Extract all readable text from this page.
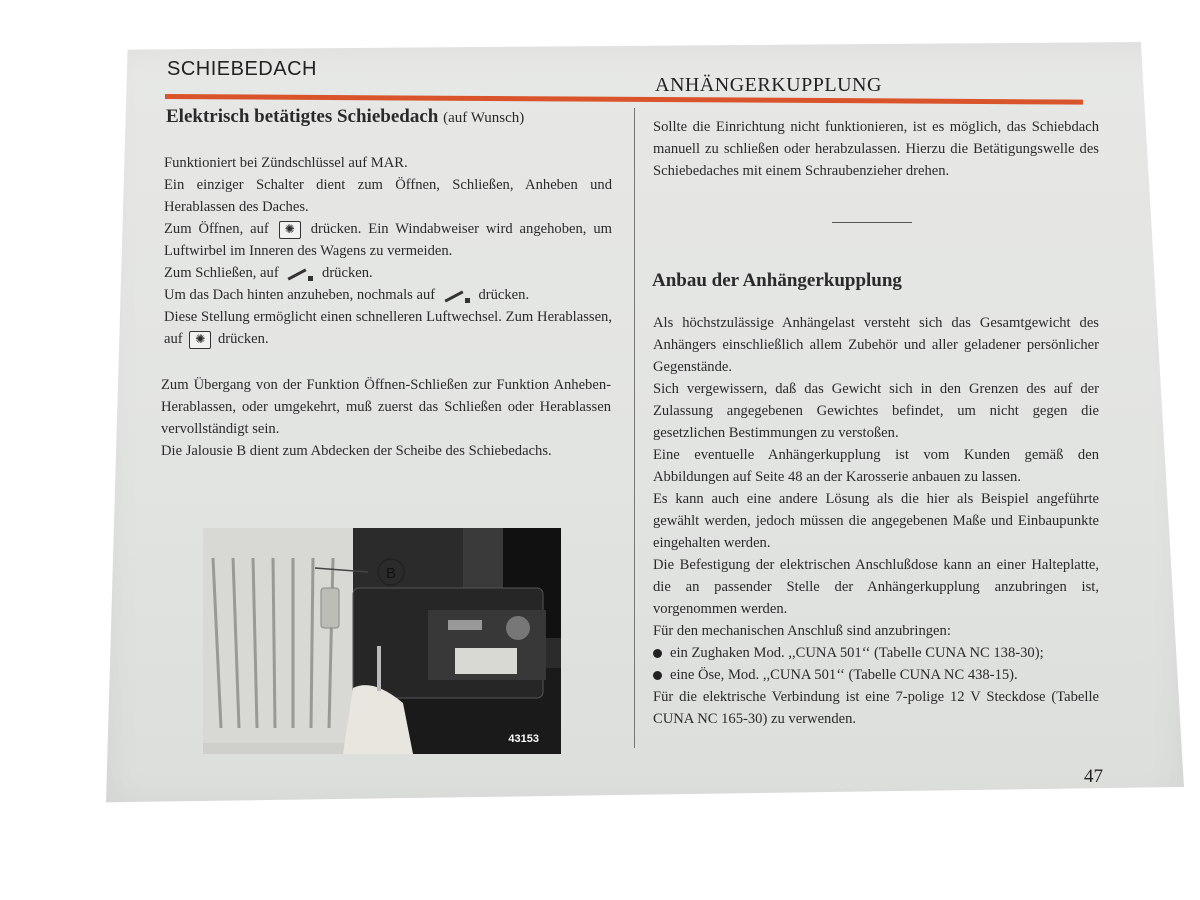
SCHIEBEDACH
ANHÄNGERKUPPLUNG
Elektrisch betätigtes Schiebedach (auf Wunsch)
Funktioniert bei Zündschlüssel auf MAR.
Ein einziger Schalter dient zum Öffnen, Schließen, Anheben und Herablassen des Daches.
Zum Öffnen, auf ✺ drücken. Ein Windabweiser wird angehoben, um Luftwirbel im Inneren des Wagens zu vermeiden.
Zum Schließen, auf	drücken.
Um das Dach hinten anzuheben, nochmals auf	drücken.
Diese Stellung ermöglicht einen schnelleren Luftwechsel. Zum Herablassen, auf ✺ drücken.
Zum Übergang von der Funktion Öffnen-Schließen zur Funktion Anheben-Herablassen, oder umgekehrt, muß zuerst das Schließen oder Herablassen vervollständigt sein.
Die Jalousie B dient zum Abdecken der Scheibe des Schiebedachs.
B
43153
Sollte die Einrichtung nicht funktionieren, ist es möglich, das Schiebdach manuell zu schließen oder herabzulassen. Hierzu die Betätigungswelle des Schiebedaches mit einem Schraubenzieher drehen.
Anbau der Anhängerkupplung
Als höchstzulässige Anhängelast versteht sich das Gesamtgewicht des Anhängers einschließlich allem Zubehör und aller geladener persönlicher Gegenstände.
Sich vergewissern, daß das Gewicht sich in den Grenzen des auf der Zulassung angegebenen Gewichtes befindet, um nicht gegen die gesetzlichen Bestimmungen zu verstoßen.
Eine eventuelle Anhängerkupplung ist vom Kunden gemäß den Abbildungen auf Seite 48 an der Karosserie anbauen zu lassen.
Es kann auch eine andere Lösung als die hier als Beispiel angeführte gewählt werden, jedoch müssen die angegebenen Maße und Einbaupunkte eingehalten werden.
Die Befestigung der elektrischen Anschlußdose kann an einer Halteplatte, die an passender Stelle der Anhängerkupplung anzubringen ist, vorgenommen werden.
Für den mechanischen Anschluß sind anzubringen:
ein Zughaken Mod. ,,CUNA 501‘‘ (Tabelle CUNA NC 138-30);
eine Öse, Mod. ,,CUNA 501‘‘ (Tabelle CUNA NC 438-15).
Für die elektrische Verbindung ist eine 7-polige 12 V Steckdose (Tabelle CUNA NC 165-30) zu verwenden.
47
